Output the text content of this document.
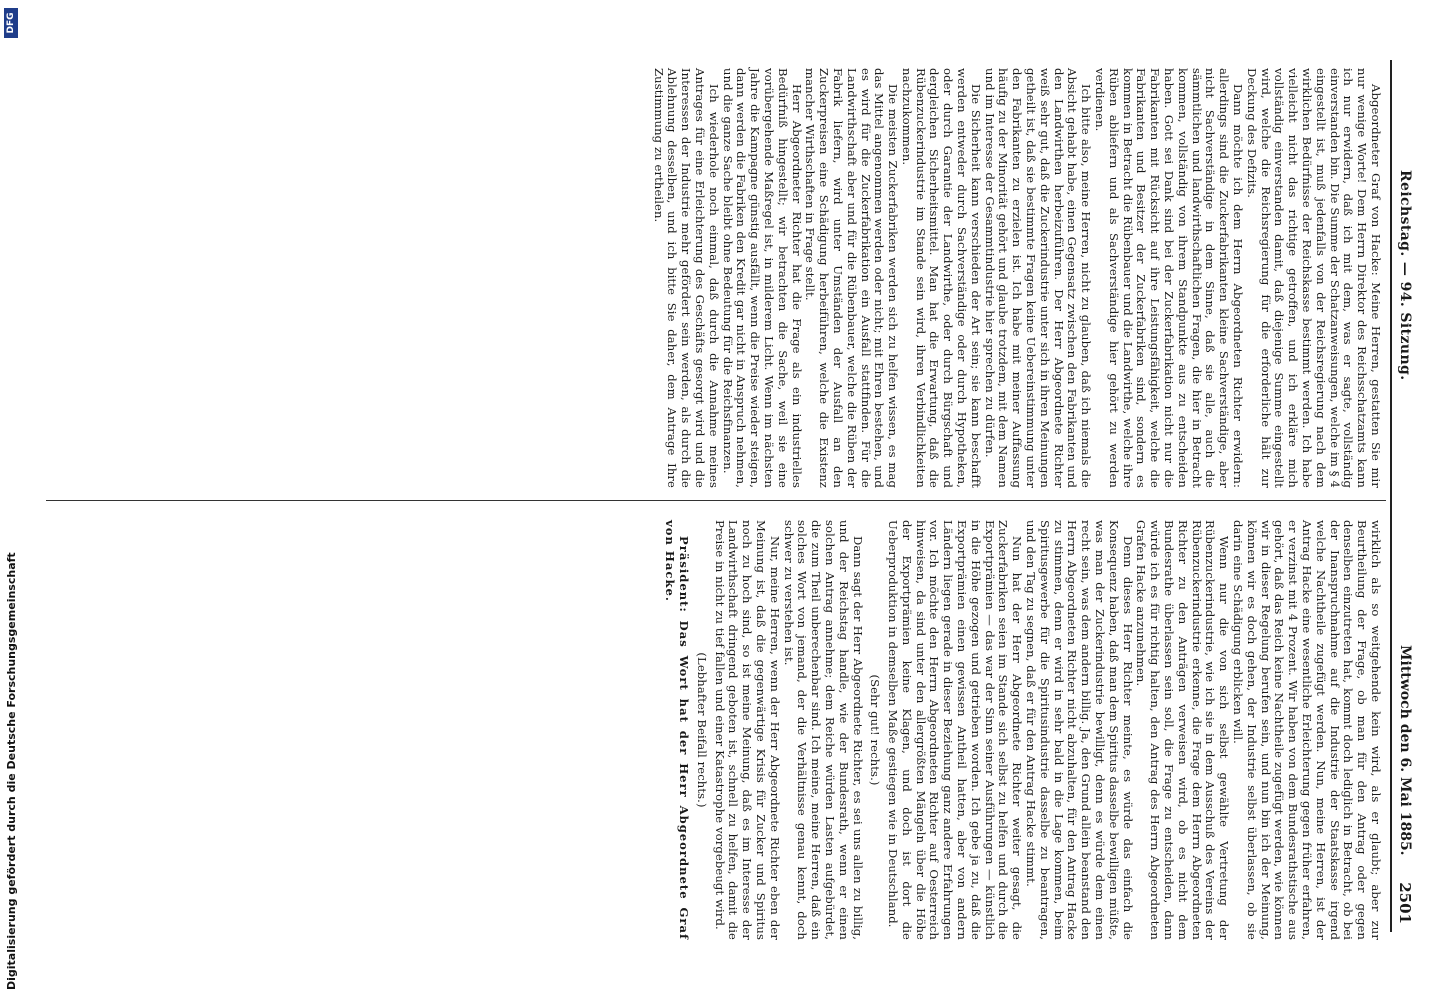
Reichstag. — 94. Sitzung.
Mittwoch den 6. Mai 1885.
2501

Abgeordneter Graf von Hacke: Meine Herren, gestatten Sie mir nur wenige Worte! Dem Herrn Direktor des Reichsschatzamts kann ich nur erwidern, daß ich mit dem, was er sagte, vollständig einverstanden bin. Die Summe der Schatzanweisungen, welche im § 4 eingestellt ist, muß jedenfalls von der Reichsregierung nach dem wirklichen Bedürfnisse der Reichskasse bestimmt werden. Ich habe vielleicht nicht das richtige getroffen, und ich erkläre mich vollständig einverstanden damit, daß diejenige Summe eingestellt wird, welche die Reichsregierung für die erforderliche hält zur Deckung des Defizits.

Dann möchte ich dem Herrn Abgeordneten Richter erwidern: allerdings sind die Zuckerfabrikanten kleine Sachverständige, aber nicht Sachverständige in dem Sinne, daß sie alle, auch die sämmtlichen und landwirthschaftlichen Fragen, die hier in Betracht kommen, vollständig von ihrem Standpunkte aus zu entscheiden haben. Gott sei Dank sind bei der Zuckerfabrikation nicht nur die Fabrikanten mit Rücksicht auf ihre Leistungsfähigkeit, welche die Fabrikanten und Besitzer der Zuckerfabriken sind, sondern es kommen in Betracht die Rübenbauer und die Landwirthe, welche ihre Rüben abliefern und als Sachverständige hier gehört zu werden verdienen.

Ich bitte also, meine Herren, nicht zu glauben, daß ich niemals die Absicht gehabt habe, einen Gegensatz zwischen den Fabrikanten und den Landwirthen herbeizuführen. Der Herr Abgeordnete Richter weiß sehr gut, daß die Zuckerindustrie unter sich in ihren Meinungen getheilt ist, daß sie bestimmte Fragen keine Uebereinstimmung unter den Fabrikanten zu erzielen ist. Ich habe mit meiner Auffassung häufig zu der Minorität gehört und glaube trotzdem, mit dem Namen und im Interesse der Gesammtindustrie hier sprechen zu dürfen.

Die Sicherheit kann verschieden der Art sein; sie kann beschafft werden entweder durch Sachverständige oder durch Hypotheken, oder durch Garantie der Landwirthe, oder durch Bürgschaft und dergleichen Sicherheitsmittel. Man hat die Erwartung, daß die Rübenzuckerindustrie im Stande sein wird, ihren Verbindlichkeiten nachzukommen.

Die meisten Zuckerfabriken werden sich zu helfen wissen, es mag das Mittel angenommen werden oder nicht; mit Ehren bestehen, und es wird für die Zuckerfabrikation ein Ausfall stattfinden. Für die Landwirthschaft aber und für die Rübenbauer, welche die Rüben der Fabrik liefern, wird unter Umständen der Ausfall an den Zuckerpreisen eine Schädigung herbeiführen, welche die Existenz mancher Wirthschaften in Frage stellt.

Herr Abgeordneter Richter hat die Frage als ein industrielles Bedürfniß hingestellt; wir betrachten die Sache, weil sie eine vorübergehende Maßregel ist, in milderem Licht. Wenn im nächsten Jahre die Kampagne günstig ausfällt, wenn die Preise wieder steigen, dann werden die Fabriken den Kredit gar nicht in Anspruch nehmen, und die ganze Sache bleibt ohne Bedeutung für die Reichsfinanzen.

Ich wiederhole noch einmal, daß durch die Annahme meines Antrages für eine Erleichterung des Geschäfts gesorgt wird und die Interessen der Industrie mehr gefördert sein werden, als durch die Ablehnung desselben, und ich bitte Sie daher, dem Antrage Ihre Zustimmung zu ertheilen.

wirklich als so weitgehende kein wird, als er glaubt; aber zur Beurtheilung der Frage, ob man für den Antrag oder gegen denselben einzutreten hat, kommt doch lediglich in Betracht, ob bei der Inanspruchnahme auf die Industrie der Staatskasse irgend welche Nachtheile zugefügt werden. Nun, meine Herren, ist der Antrag Hacke eine wesentliche Erleichterung gegen früher erfahren, er verzinst mit 4 Prozent. Wir haben von dem Bundesrathstische aus gehört, daß das Reich keine Nachtheile zugefügt werden, wie können wir in dieser Regelung berufen sein, und nun bin ich der Meinung, können wir es doch gehen, der Industrie selbst überlassen, ob sie darin eine Schädigung erblicken will.

Wenn nur die von sich selbst gewählte Vertretung der Rübenzuckerindustrie, wie ich sie in dem Ausschuß des Vereins der Rübenzuckerindustrie erkenne, die Frage dem Herrn Abgeordneten Richter zu den Anträgen verweisen wird, ob es nicht dem Bundesrathe überlassen sein soll, die Frage zu entscheiden, dann würde ich es für richtig halten, den Antrag des Herrn Abgeordneten Grafen Hacke anzunehmen.

Denn dieses Herr Richter meinte, es würde das einfach die Konsequenz haben, daß man dem Spiritus dasselbe bewilligen müßte, was man der Zuckerindustrie bewilligt, denn es würde dem einen recht sein, was dem andern billig. Ja, den Grund allein beanstand den Herrn Abgeordneten Richter nicht abzuhalten, für den Antrag Hacke zu stimmen, denn er wird in sehr bald in die Lage kommen, beim Spiritusgewerbe für die Spiritusindustrie dasselbe zu beantragen, und den Tag zu segnen, daß er für den Antrag Hacke stimmt.

Nun hat der Herr Abgeordnete Richter weiter gesagt, die Zuckerfabriken seien im Stande sich selbst zu helfen und durch die Exportprämien — das war der Sinn seiner Ausführungen — künstlich in die Höhe gezogen und getrieben worden. Ich gebe ja zu, daß die Exportprämien einen gewissen Antheil hatten, aber von andern Ländern liegen gerade in dieser Beziehung ganz andere Erfahrungen vor. Ich möchte den Herrn Abgeordneten Richter auf Oesterreich hinweisen, da sind unter den allergrößten Mängeln über die Höhe der Exportprämien keine Klagen, und doch ist dort die Ueberproduktion in demselben Maße gestiegen wie in Deutschland.

(Sehr gut! rechts.)

Dann sagt der Herr Abgeordnete Richter, es sei uns allen zu billig, und der Reichstag handle, wie der Bundesrath, wenn er einen solchen Antrag annehme; dem Reiche würden Lasten aufgebürdet, die zum Theil unberechenbar sind. Ich meine, meine Herren, daß ein solches Wort von jemand, der die Verhältnisse genau kennt, doch schwer zu verstehen ist.

Nur, meine Herren, wenn der Herr Abgeordnete Richter eben der Meinung ist, daß die gegenwärtige Krisis für Zucker und Spiritus noch zu hoch sind, so ist meine Meinung, daß es im Interesse der Landwirthschaft dringend geboten ist, schnell zu helfen, damit die Preise in nicht zu tief fallen und einer Katastrophe vorgebeugt wird.

(Lebhafter Beifall rechts.)

Präsident: Das Wort hat der Herr Abgeordnete Graf von Hacke.

Digitalisierung gefördert durch die Deutsche Forschungsgemeinschaft
DFG
